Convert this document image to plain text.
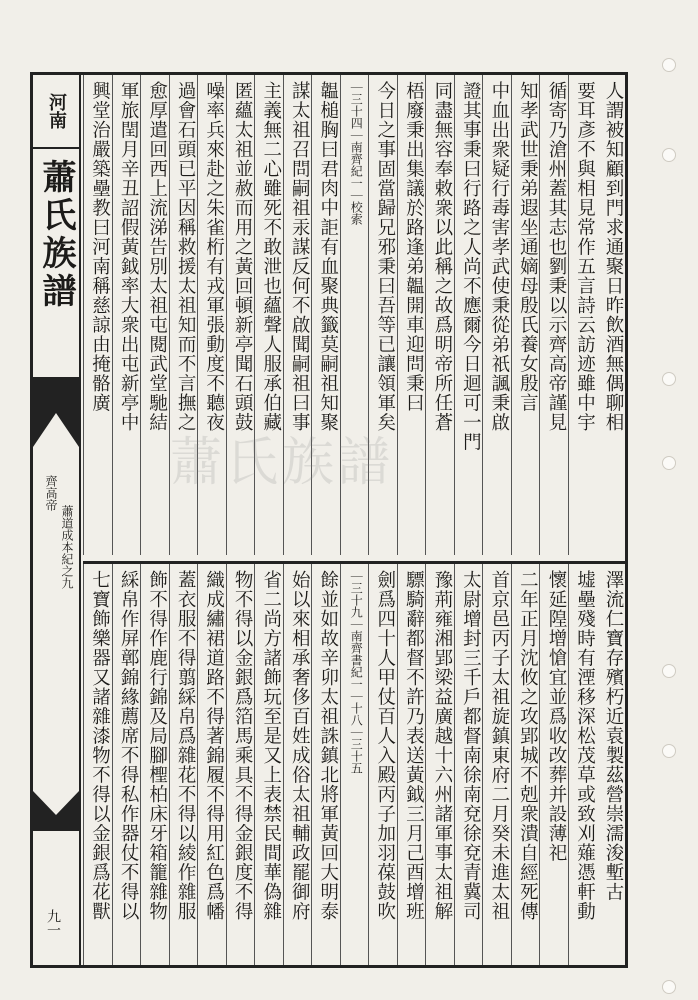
河南
蕭氏族譜
齊高帝
蕭道成本紀之九
九一
人謂被知顧到門求通聚日昨飲酒無偶聊相
要耳彥不與相見常作五言詩云訪迹雖中宇
循寄乃滄州蓋其志也劉秉以示齊高帝謹見
知孝武世秉弟遐坐通嫡母殷氏養女殷言
中血出衆疑行毒害孝武使秉從弟祇諷秉啟
證其事秉曰行路之人尚不應爾今日迴可一門
同盡無容奉敕衆以此稱之故爲明帝所任蒼
梧廢秉出集議於路逢弟韞開車迎問秉曰
今日之事固當歸兄邪秉曰吾等已讓領軍矣
｜三十四｜南齊紀一｜校索
韞槌胸曰君肉中詎有血聚典籤莫嗣祖知聚
謀太祖召問嗣祖汞謀反何不啟聞嗣祖曰事
主義無二心雖死不敢泄也蘊聲人服承伯藏
匿蘊太祖並赦而用之黃回頓新亭聞石頭鼓
噪率兵來赴之朱雀桁有戎軍張動度不聽夜
過會石頭已平因稱救援太祖知而不言撫之
愈厚遣回西上流涕告別太祖屯閱武堂馳結
軍旅閏月辛丑詔假黃鉞率大衆出屯新亭中
興堂治嚴築壘教曰河南稱慈諒由掩骼廣
澤流仁寶存殯朽近袁製茲營崇濡浚塹古
墟壘殘時有湮移深松茂草或致刈薙憑軒動
懷延隍增愴宜並爲收改葬并設薄祀
二年正月沈攸之攻郢城不剋衆潰自經死傳
首京邑丙子太祖旋鎮東府二月癸未進太祖
太尉增封三千戶都督南徐南兗徐兗青冀司
豫荊雍湘郢梁益廣越十六州諸軍事太祖解
驃騎辭都督不許乃表送黃鉞三月己酉增班
劍爲四十人甲仗百人入殿丙子加羽葆鼓吹
｜三十九｜南齊書紀一｜十八｜三十五
餘並如故辛卯太祖誅鎮北將軍黃回大明泰
始以來相承奢侈百姓成俗太祖輔政罷御府
省二尚方諸飾玩至是又上表禁民間華偽雜
物不得以金銀爲箔馬乘具不得金銀度不得
織成繡裙道路不得著錦履不得用紅色爲幡
蓋衣服不得翦綵帛爲雜花不得以綾作雜服
飾不得作鹿行錦及局腳檉柏床牙箱籠雜物
綵帛作屏鄣錦緣薦席不得私作器仗不得以
七寶飾樂器又諸雜漆物不得以金銀爲花獸
蕭氏族譜
